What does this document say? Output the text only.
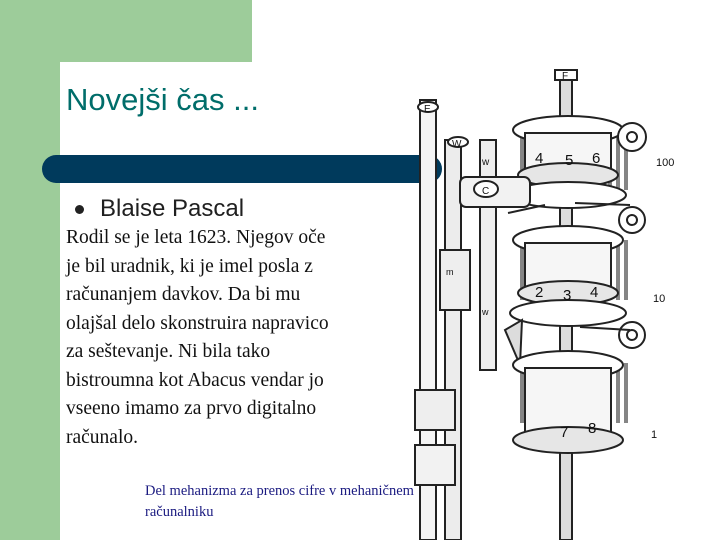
Novejši čas ...
Blaise Pascal
Rodil se je leta 1623. Njegov oče
je bil uradnik, ki je imel posla z
računanjem davkov. Da bi mu
olajšal delo skonstruira napravico
za seštevanje. Ni bila tako
bistroumna kot Abacus vendar jo
vseeno imamo za prvo digitalno
računalo.
E
W
w
F
4 5 6
C
2 3 4
m
w
7 8
100
10
1
Del mehanizma za prenos cifre v mehaničnem
računalniku
